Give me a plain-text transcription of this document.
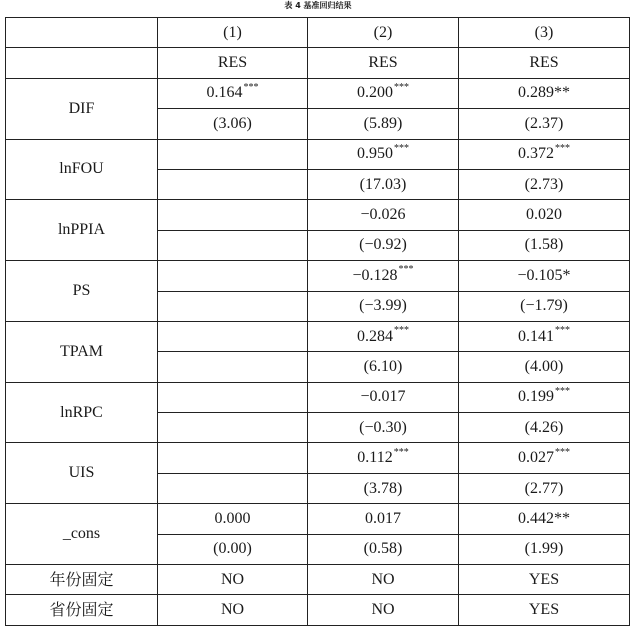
表 4 基准回归结果
	(1)	(2)	(3)
	RES	RES	RES
DIF	0.164***	0.200***	0.289**
	(3.06)	(5.89)	(2.37)
lnFOU		0.950***	0.372***
		(17.03)	(2.73)
lnPPIA		−0.026	0.020
		(−0.92)	(1.58)
PS		−0.128***	−0.105*
		(−3.99)	(−1.79)
TPAM		0.284***	0.141***
		(6.10)	(4.00)
lnRPC		−0.017	0.199***
		(−0.30)	(4.26)
UIS		0.112***	0.027***
		(3.78)	(2.77)
_cons	0.000	0.017	0.442**
	(0.00)	(0.58)	(1.99)
年份固定	NO	NO	YES
省份固定	NO	NO	YES
